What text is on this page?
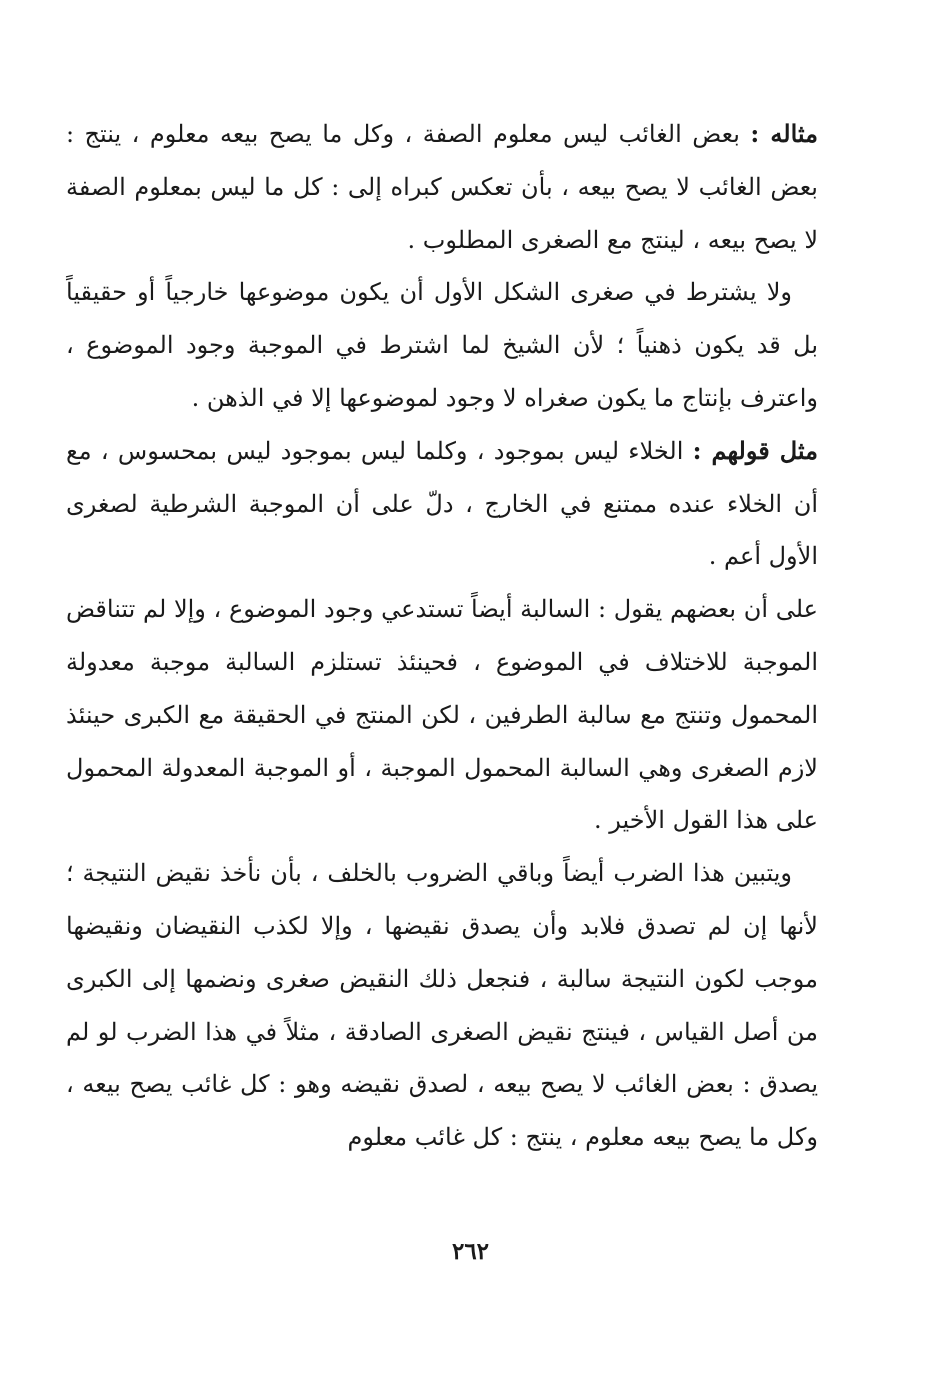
مثاله : بعض الغائب ليس معلوم الصفة ، وكل ما يصح بيعه معلوم ، ينتج : بعض الغائب لا يصح بيعه ، بأن تعكس كبراه إلى : كل ما ليس بمعلوم الصفة لا يصح بيعه ، لينتج مع الصغرى المطلوب .

ولا يشترط في صغرى الشكل الأول أن يكون موضوعها خارجياً أو حقيقياً بل قد يكون ذهنياً ؛ لأن الشيخ لما اشترط في الموجبة وجود الموضوع ، واعترف بإنتاج ما يكون صغراه لا وجود لموضوعها إلا في الذهن .

مثل قولهم : الخلاء ليس بموجود ، وكلما ليس بموجود ليس بمحسوس ، مع أن الخلاء عنده ممتنع في الخارج ، دلّ على أن الموجبة الشرطية لصغرى الأول أعم .

على أن بعضهم يقول : السالبة أيضاً تستدعي وجود الموضوع ، وإلا لم تتناقض الموجبة للاختلاف في الموضوع ، فحينئذ تستلزم السالبة موجبة معدولة المحمول وتنتج مع سالبة الطرفين ، لكن المنتج في الحقيقة مع الكبرى حينئذ لازم الصغرى وهي السالبة المحمول الموجبة ، أو الموجبة المعدولة المحمول على هذا القول الأخير .

ويتبين هذا الضرب أيضاً وباقي الضروب بالخلف ، بأن نأخذ نقيض النتيجة ؛ لأنها إن لم تصدق فلابد وأن يصدق نقيضها ، وإلا لكذب النقيضان ونقيضها موجب لكون النتيجة سالبة ، فنجعل ذلك النقيض صغرى ونضمها إلى الكبرى من أصل القياس ، فينتج نقيض الصغرى الصادقة ، مثلاً في هذا الضرب لو لم يصدق : بعض الغائب لا يصح بيعه ، لصدق نقيضه وهو : كل غائب يصح بيعه ، وكل ما يصح بيعه معلوم ، ينتج : كل غائب معلوم

٢٦٢
